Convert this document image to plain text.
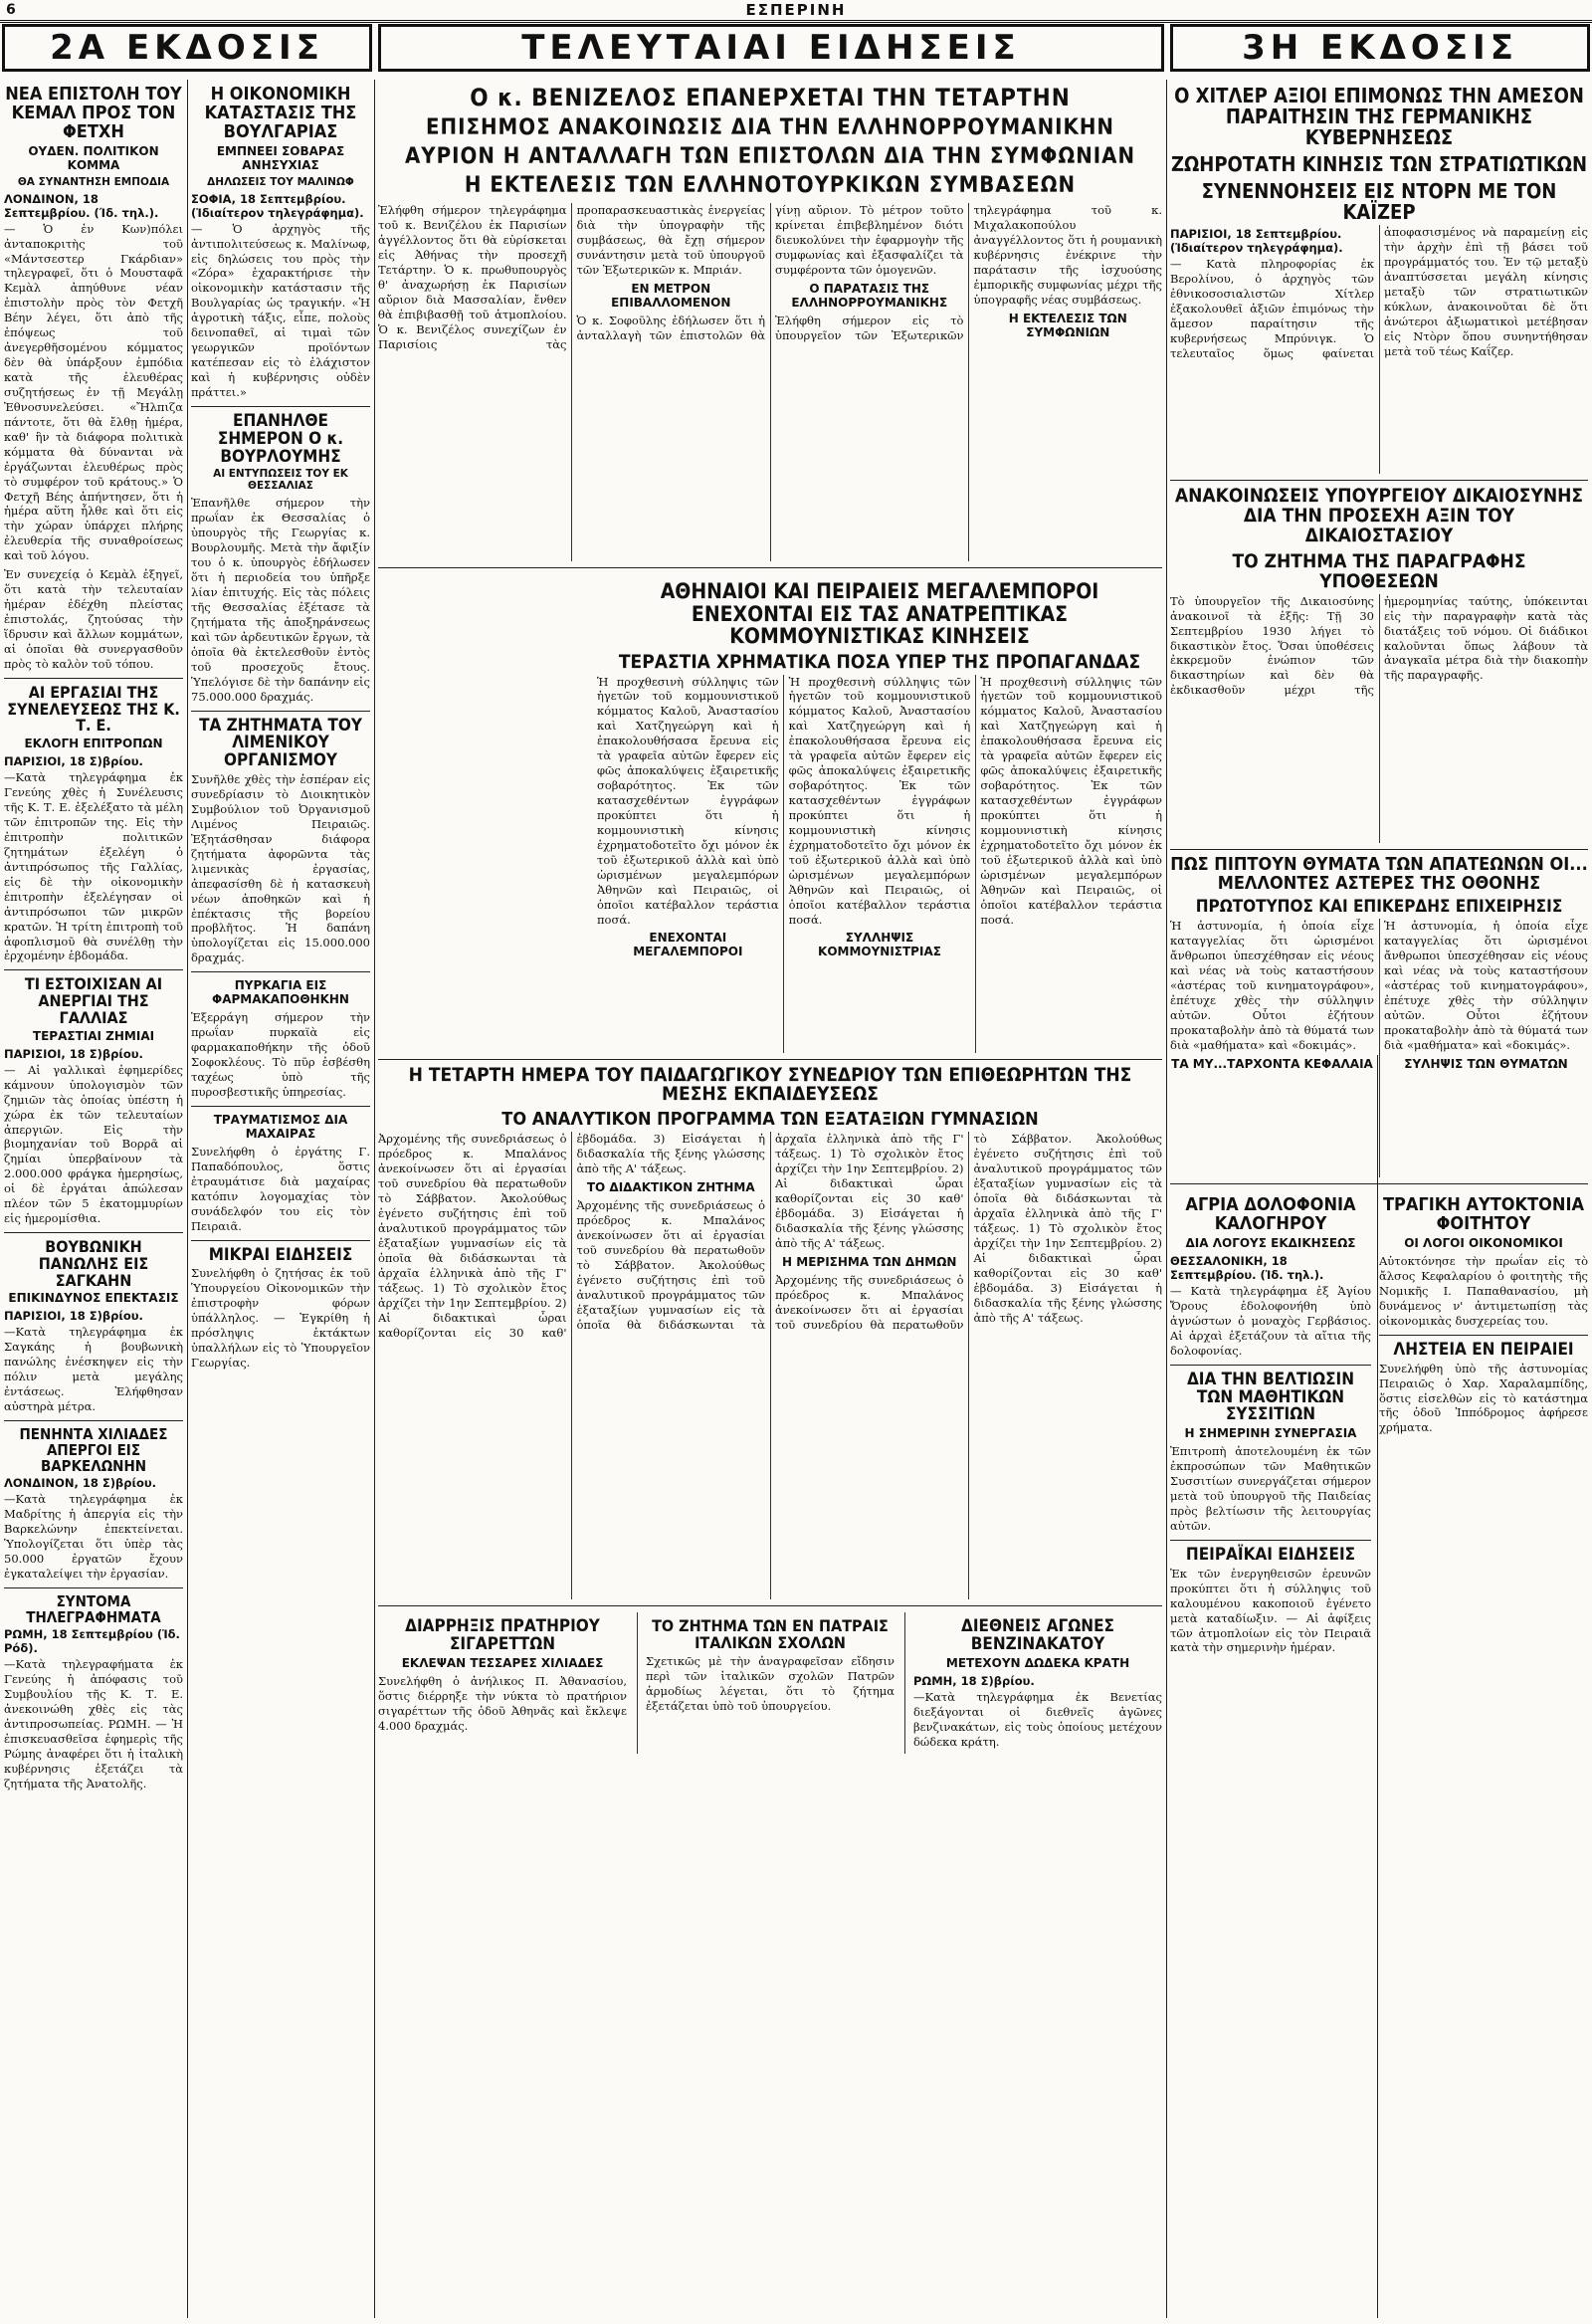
6	ΕΣΠΕΡΙΝΗ
2Α ΕΚΔΟΣΙΣ	ΤΕΛΕΥΤΑΙΑΙ ΕΙΔΗΣΕΙΣ	3Η ΕΚΔΟΣΙΣ
ΝΕΑ ΕΠΙΣΤΟΛΗ ΤΟΥ ΚΕΜΑΛ ΠΡΟΣ ΤΟΝ ΦΕΤΧΗ
ΟΥΔΕΝ. ΠΟΛΙΤΙΚΟΝ ΚΟΜΜΑ
ΘΑ ΣΥΝΑΝΤΗΣΗ ΕΜΠΟΔΙΑ
ΛΟΝΔΙΝΟΝ, 18 Σεπτεμβρίου. (Ίδ. τηλ.).

— Ὁ ἐν Κων)πόλει ἀνταποκριτὴς τοῦ «Μάντσεστερ Γκάρδιαν» τηλεγραφεῖ, ὅτι ὁ Μουσταφᾶ Κεμὰλ ἀπηύθυνε νέαν ἐπιστολὴν πρὸς τὸν Φετχῆ Βέην λέγει, ὅτι ἀπὸ τῆς ἐπόψεως τοῦ ἀνεγερθῆσομένου κόμματος δὲν θὰ ὑπάρξουν ἐμπόδια κατὰ τῆς ἐλευθέρας συζητήσεως ἐν τῇ Μεγάλῃ Ἐθνοσυνελεύσει. «Ἤλπιζα πάντοτε, ὅτι θὰ ἔλθῃ ἡμέρα, καθ' ἣν τὰ διάφορα πολιτικὰ κόμματα θὰ δύνανται νὰ ἐργάζωνται ἐλευθέρως πρὸς τὸ συμφέρον τοῦ κράτους.» Ὁ Φετχῆ Βέης ἀπήντησεν, ὅτι ἡ ἡμέρα αὕτη ἦλθε καὶ ὅτι εἰς τὴν χώραν ὑπάρχει πλήρης ἐλευθερία τῆς συναθροίσεως καὶ τοῦ λόγου.

Ἐν συνεχείᾳ ὁ Κεμὰλ ἐξηγεῖ, ὅτι κατὰ τὴν τελευταίαν ἡμέραν ἐδέχθη πλείστας ἐπιστολάς, ζητούσας τὴν ἵδρυσιν καὶ ἄλλων κομμάτων, αἱ ὁποῖαι θὰ συνεργασθοῦν πρὸς τὸ καλὸν τοῦ τόπου.

ΑΙ ΕΡΓΑΣΙΑΙ ΤΗΣ ΣΥΝΕΛΕΥΣΕΩΣ ΤΗΣ Κ. Τ. Ε.
ΕΚΛΟΓΗ ΕΠΙΤΡΟΠΩΝ
ΠΑΡΙΣΙΟΙ, 18 Σ)βρίου.

—Κατὰ τηλεγράφημα ἐκ Γενεύης χθὲς ἡ Συνέλευσις τῆς Κ. Τ. Ε. ἐξελέξατο τὰ μέλη τῶν ἐπιτροπῶν της. Εἰς τὴν ἐπιτροπὴν πολιτικῶν ζητημάτων ἐξελέγη ὁ ἀντιπρόσωπος τῆς Γαλλίας, εἰς δὲ τὴν οἰκονομικὴν ἐπιτροπὴν ἐξελέγησαν οἱ ἀντιπρόσωποι τῶν μικρῶν κρατῶν. Ἡ τρίτη ἐπιτροπὴ τοῦ ἀφοπλισμοῦ θὰ συνέλθῃ τὴν ἐρχομένην ἑβδομάδα.

ΤΙ ΕΣΤΟΙΧΙΣΑΝ ΑΙ ΑΝΕΡΓΙΑΙ ΤΗΣ ΓΑΛΛΙΑΣ
ΤΕΡΑΣΤΙΑΙ ΖΗΜΙΑΙ
ΠΑΡΙΣΙΟΙ, 18 Σ)βρίου.

— Αἱ γαλλικαὶ ἐφημερίδες κάμνουν ὑπολογισμὸν τῶν ζημιῶν τὰς ὁποίας ὑπέστη ἡ χώρα ἐκ τῶν τελευταίων ἀπεργιῶν. Εἰς τὴν βιομηχανίαν τοῦ Βορρᾶ αἱ ζημίαι ὑπερβαίνουν τὰ 2.000.000 φράγκα ἡμερησίως, οἱ δὲ ἐργάται ἀπώλεσαν πλέον τῶν 5 ἑκατομμυρίων εἰς ἡμερομίσθια.

ΒΟΥΒΩΝΙΚΗ ΠΑΝΩΛΗΣ ΕΙΣ ΣΑΓΚΑΗΝ
ΕΠΙΚΙΝΔΥΝΟΣ ΕΠΕΚΤΑΣΙΣ
ΠΑΡΙΣΙΟΙ, 18 Σ)βρίου.

—Κατὰ τηλεγράφημα ἐκ Σαγκάης ἡ βουβωνικὴ πανώλης ἐνέσκηψεν εἰς τὴν πόλιν μετὰ μεγάλης ἐντάσεως. Ἐλήφθησαν αὐστηρὰ μέτρα.

ΠΕΝΗΝΤΑ ΧΙΛΙΑΔΕΣ ΑΠΕΡΓΟΙ ΕΙΣ ΒΑΡΚΕΛΩΝΗΝ
ΛΟΝΔΙΝΟΝ, 18 Σ)βρίου.

—Κατὰ τηλεγράφημα ἐκ Μαδρίτης ἡ ἀπεργία εἰς τὴν Βαρκελώνην ἐπεκτείνεται. Ὑπολογίζεται ὅτι ὑπὲρ τὰς 50.000 ἐργατῶν ἔχουν ἐγκαταλείψει τὴν ἐργασίαν.

ΣΥΝΤΟΜΑ ΤΗΛΕΓΡΑΦΗΜΑΤΑ
ΡΩΜΗ, 18 Σεπτεμβρίου (Ἰδ. Ρόδ).

—Κατὰ τηλεγραφήματα ἐκ Γενεύης ἡ ἀπόφασις τοῦ Συμβουλίου τῆς Κ. Τ. Ε. ἀνεκοινώθη χθὲς εἰς τὰς ἀντιπροσωπείας. ΡΩΜΗ. — Ἡ ἐπισκευασθεῖσα ἐφημερὶς τῆς Ρώμης ἀναφέρει ὅτι ἡ ἰταλικὴ κυβέρνησις ἐξετάζει τὰ ζητήματα τῆς Ἀνατολῆς.

Η ΟΙΚΟΝΟΜΙΚΗ ΚΑΤΑΣΤΑΣΙΣ ΤΗΣ ΒΟΥΛΓΑΡΙΑΣ
ΕΜΠΝΕΕΙ ΣΟΒΑΡΑΣ ΑΝΗΣΥΧΙΑΣ
ΔΗΛΩΣΕΙΣ ΤΟΥ ΜΑΛΙΝΩΦ
ΣΟΦΙΑ, 18 Σεπτεμβρίου. (Ἰδιαίτερον τηλεγράφημα).

— Ὁ ἀρχηγὸς τῆς ἀντιπολιτεύσεως κ. Μαλίνωφ, εἰς δηλώσεις του πρὸς τὴν «Ζόρα» ἐχαρακτήρισε τὴν οἰκονομικὴν κατάστασιν τῆς Βουλγαρίας ὡς τραγικήν. «Ἡ ἀγροτικὴ τάξις, εἶπε, πολοὺς δεινοπαθεῖ, αἱ τιμαὶ τῶν γεωργικῶν προϊόντων κατέπεσαν εἰς τὸ ἐλάχιστον καὶ ἡ κυβέρνησις οὐδὲν πράττει.»

ΕΠΑΝΗΛΘΕ ΣΗΜΕΡΟΝ Ο κ. ΒΟΥΡΛΟΥΜΗΣ
ΑΙ ΕΝΤΥΠΩΣΕΙΣ ΤΟΥ ΕΚ ΘΕΣΣΑΛΙΑΣ

Ἐπανῆλθε σήμερον τὴν πρωΐαν ἐκ Θεσσαλίας ὁ ὑπουργὸς τῆς Γεωργίας κ. Βουρλουμῆς. Μετὰ τὴν ἄφιξίν του ὁ κ. ὑπουργὸς ἐδήλωσεν ὅτι ἡ περιοδεία του ὑπῆρξε λίαν ἐπιτυχής. Εἰς τὰς πόλεις τῆς Θεσσαλίας ἐξέτασε τὰ ζητήματα τῆς ἀποξηράνσεως καὶ τῶν ἀρδευτικῶν ἔργων, τὰ ὁποῖα θὰ ἐκτελεσθοῦν ἐντὸς τοῦ προσεχοῦς ἔτους. Ὑπελόγισε δὲ τὴν δαπάνην εἰς 75.000.000 δραχμάς.

ΤΑ ΖΗΤΗΜΑΤΑ ΤΟΥ ΛΙΜΕΝΙΚΟΥ ΟΡΓΑΝΙΣΜΟΥ

Συνῆλθε χθὲς τὴν ἑσπέραν εἰς συνεδρίασιν τὸ Διοικητικὸν Συμβούλιον τοῦ Ὀργανισμοῦ Λιμένος Πειραιῶς. Ἐξητάσθησαν διάφορα ζητήματα ἀφορῶντα τὰς λιμενικὰς ἐργασίας, ἀπεφασίσθη δὲ ἡ κατασκευὴ νέων ἀποθηκῶν καὶ ἡ ἐπέκτασις τῆς βορείου προβλῆτος. Ἡ δαπάνη ὑπολογίζεται εἰς 15.000.000 δραχμάς.

ΠΥΡΚΑΓΙΑ ΕΙΣ ΦΑΡΜΑΚΑΠΟΘΗΚΗΝ

Ἐξερράγη σήμερον τὴν πρωΐαν πυρκαϊὰ εἰς φαρμακαποθήκην τῆς ὁδοῦ Σοφοκλέους. Τὸ πῦρ ἐσβέσθη ταχέως ὑπὸ τῆς πυροσβεστικῆς ὑπηρεσίας.

ΤΡΑΥΜΑΤΙΣΜΟΣ ΔΙΑ ΜΑΧΑΙΡΑΣ

Συνελήφθη ὁ ἐργάτης Γ. Παπαδόπουλος, ὅστις ἐτραυμάτισε διὰ μαχαίρας κατόπιν λογομαχίας τὸν συνάδελφόν του εἰς τὸν Πειραιᾶ.

ΜΙΚΡΑΙ ΕΙΔΗΣΕΙΣ

Συνελήφθη ὁ ζητήσας ἐκ τοῦ Ὑπουργείου Οἰκονομικῶν τὴν ἐπιστροφὴν φόρων ὑπάλληλος. — Ἐγκρίθη ἡ πρόσληψις ἐκτάκτων ὑπαλλήλων εἰς τὸ Ὑπουργεῖον Γεωργίας.

Ο κ. ΒΕΝΙΖΕΛΟΣ ΕΠΑΝΕΡΧΕΤΑΙ ΤΗΝ ΤΕΤΑΡΤΗΝ
ΕΠΙΣΗΜΟΣ ΑΝΑΚΟΙΝΩΣΙΣ ΔΙΑ ΤΗΝ ΕΛΛΗΝΟΡΡΟΥΜΑΝΙΚΗΝ
ΑΥΡΙΟΝ Η ΑΝΤΑΛΛΑΓΗ ΤΩΝ ΕΠΙΣΤΟΛΩΝ ΔΙΑ ΤΗΝ ΣΥΜΦΩΝΙΑΝ
Η ΕΚΤΕΛΕΣΙΣ ΤΩΝ ΕΛΛΗΝΟΤΟΥΡΚΙΚΩΝ ΣΥΜΒΑΣΕΩΝ

Ἐλήφθη σήμερον τηλεγράφημα τοῦ κ. Βενιζέλου ἐκ Παρισίων ἀγγέλλοντος ὅτι θὰ εὑρίσκεται εἰς Ἀθήνας τὴν προσεχῆ Τετάρτην. Ὁ κ. πρωθυπουργὸς θ' ἀναχωρήσῃ ἐκ Παρισίων αὔριον διὰ Μασσαλίαν, ἔνθεν θὰ ἐπιβιβασθῇ τοῦ ἀτμοπλοίου. Ὁ κ. Βενιζέλος συνεχίζων ἐν Παρισίοις τὰς προπαρασκευαστικὰς ἐνεργείας διὰ τὴν ὑπογραφὴν τῆς συμβάσεως, θὰ ἔχῃ σήμερον συνάντησιν μετὰ τοῦ ὑπουργοῦ τῶν Ἐξωτερικῶν κ. Μπριάν.

ΕΝ ΜΕΤΡΟΝ ΕΠΙΒΑΛΛΟΜΕΝΟΝ

Ὁ κ. Σοφοῦλης ἐδήλωσεν ὅτι ἡ ἀνταλλαγὴ τῶν ἐπιστολῶν θὰ γίνῃ αὔριον. Τὸ μέτρον τοῦτο κρίνεται ἐπιβεβλημένον διότι διευκολύνει τὴν ἐφαρμογὴν τῆς συμφωνίας καὶ ἐξασφαλίζει τὰ συμφέροντα τῶν ὁμογενῶν.

Ο ΠΑΡΑΤΑΣΙΣ ΤΗΣ ΕΛΛΗΝΟΡΡΟΥΜΑΝΙΚΗΣ

Ἐλήφθη σήμερον εἰς τὸ ὑπουργεῖον τῶν Ἐξωτερικῶν τηλεγράφημα τοῦ κ. Μιχαλακοπούλου ἀναγγέλλοντος ὅτι ἡ ρουμανικὴ κυβέρνησις ἐνέκρινε τὴν παράτασιν τῆς ἰσχυούσης ἐμπορικῆς συμφωνίας μέχρι τῆς ὑπογραφῆς νέας συμβάσεως.

Η ΕΚΤΕΛΕΣΙΣ ΤΩΝ ΣΥΜΦΩΝΙΩΝ
ΑΘΗΝΑΙΟΙ ΚΑΙ ΠΕΙΡΑΙΕΙΣ ΜΕΓΑΛΕΜΠΟΡΟΙ ΕΝΕΧΟΝΤΑΙ ΕΙΣ ΤΑΣ ΑΝΑΤΡΕΠΤΙΚΑΣ ΚΟΜΜΟΥΝΙΣΤΙΚΑΣ ΚΙΝΗΣΕΙΣ
ΤΕΡΑΣΤΙΑ ΧΡΗΜΑΤΙΚΑ ΠΟΣΑ ΥΠΕΡ ΤΗΣ ΠΡΟΠΑΓΑΝΔΑΣ

Ἡ προχθεσινὴ σύλληψις τῶν ἡγετῶν τοῦ κομμουνιστικοῦ κόμματος Καλοῦ, Ἀναστασίου καὶ Χατζηγεώργη καὶ ἡ ἐπακολουθήσασα ἔρευνα εἰς τὰ γραφεῖα αὐτῶν ἔφερεν εἰς φῶς ἀποκαλύψεις ἐξαιρετικῆς σοβαρότητος. Ἐκ τῶν κατασχεθέντων ἐγγράφων προκύπτει ὅτι ἡ κομμουνιστικὴ κίνησις ἐχρηματοδοτεῖτο ὄχι μόνον ἐκ τοῦ ἐξωτερικοῦ ἀλλὰ καὶ ὑπὸ ὡρισμένων μεγαλεμπόρων Ἀθηνῶν καὶ Πειραιῶς, οἱ ὁποῖοι κατέβαλλον τεράστια ποσά.

ΕΝΕΧΟΝΤΑΙ ΜΕΓΑΛΕΜΠΟΡΟΙ

Ἡ προχθεσινὴ σύλληψις τῶν ἡγετῶν τοῦ κομμουνιστικοῦ κόμματος Καλοῦ, Ἀναστασίου καὶ Χατζηγεώργη καὶ ἡ ἐπακολουθήσασα ἔρευνα εἰς τὰ γραφεῖα αὐτῶν ἔφερεν εἰς φῶς ἀποκαλύψεις ἐξαιρετικῆς σοβαρότητος. Ἐκ τῶν κατασχεθέντων ἐγγράφων προκύπτει ὅτι ἡ κομμουνιστικὴ κίνησις ἐχρηματοδοτεῖτο ὄχι μόνον ἐκ τοῦ ἐξωτερικοῦ ἀλλὰ καὶ ὑπὸ ὡρισμένων μεγαλεμπόρων Ἀθηνῶν καὶ Πειραιῶς, οἱ ὁποῖοι κατέβαλλον τεράστια ποσά.

ΣΥΛΛΗΨΙΣ ΚΟΜΜΟΥΝΙΣΤΡΙΑΣ

Ἡ προχθεσινὴ σύλληψις τῶν ἡγετῶν τοῦ κομμουνιστικοῦ κόμματος Καλοῦ, Ἀναστασίου καὶ Χατζηγεώργη καὶ ἡ ἐπακολουθήσασα ἔρευνα εἰς τὰ γραφεῖα αὐτῶν ἔφερεν εἰς φῶς ἀποκαλύψεις ἐξαιρετικῆς σοβαρότητος. Ἐκ τῶν κατασχεθέντων ἐγγράφων προκύπτει ὅτι ἡ κομμουνιστικὴ κίνησις ἐχρηματοδοτεῖτο ὄχι μόνον ἐκ τοῦ ἐξωτερικοῦ ἀλλὰ καὶ ὑπὸ ὡρισμένων μεγαλεμπόρων Ἀθηνῶν καὶ Πειραιῶς, οἱ ὁποῖοι κατέβαλλον τεράστια ποσά.

Η ΤΕΤΑΡΤΗ ΗΜΕΡΑ ΤΟΥ ΠΑΙΔΑΓΩΓΙΚΟΥ ΣΥΝΕΔΡΙΟΥ ΤΩΝ ΕΠΙΘΕΩΡΗΤΩΝ ΤΗΣ ΜΕΣΗΣ ΕΚΠΑΙΔΕΥΣΕΩΣ
ΤΟ ΑΝΑΛΥΤΙΚΟΝ ΠΡΟΓΡΑΜΜΑ ΤΩΝ ΕΞΑΤΑΞΙΩΝ ΓΥΜΝΑΣΙΩΝ

Ἀρχομένης τῆς συνεδριάσεως ὁ πρόεδρος κ. Μπαλάνος ἀνεκοίνωσεν ὅτι αἱ ἐργασίαι τοῦ συνεδρίου θὰ περατωθοῦν τὸ Σάββατον. Ἀκολούθως ἐγένετο συζήτησις ἐπὶ τοῦ ἀναλυτικοῦ προγράμματος τῶν ἑξαταξίων γυμνασίων εἰς τὰ ὁποῖα θὰ διδάσκωνται τὰ ἀρχαῖα ἑλληνικὰ ἀπὸ τῆς Γ' τάξεως. 1) Τὸ σχολικὸν ἔτος ἀρχίζει τὴν 1ην Σεπτεμβρίου. 2) Αἱ διδακτικαὶ ὧραι καθορίζονται εἰς 30 καθ' ἑβδομάδα. 3) Εἰσάγεται ἡ διδασκαλία τῆς ξένης γλώσσης ἀπὸ τῆς Α' τάξεως.

ΤΟ ΔΙΔΑΚΤΙΚΟΝ ΖΗΤΗΜΑ

Ἀρχομένης τῆς συνεδριάσεως ὁ πρόεδρος κ. Μπαλάνος ἀνεκοίνωσεν ὅτι αἱ ἐργασίαι τοῦ συνεδρίου θὰ περατωθοῦν τὸ Σάββατον. Ἀκολούθως ἐγένετο συζήτησις ἐπὶ τοῦ ἀναλυτικοῦ προγράμματος τῶν ἑξαταξίων γυμνασίων εἰς τὰ ὁποῖα θὰ διδάσκωνται τὰ ἀρχαῖα ἑλληνικὰ ἀπὸ τῆς Γ' τάξεως. 1) Τὸ σχολικὸν ἔτος ἀρχίζει τὴν 1ην Σεπτεμβρίου. 2) Αἱ διδακτικαὶ ὧραι καθορίζονται εἰς 30 καθ' ἑβδομάδα. 3) Εἰσάγεται ἡ διδασκαλία τῆς ξένης γλώσσης ἀπὸ τῆς Α' τάξεως.

Η ΜΕΡΙΣΗΜΑ ΤΩΝ ΔΗΜΩΝ

Ἀρχομένης τῆς συνεδριάσεως ὁ πρόεδρος κ. Μπαλάνος ἀνεκοίνωσεν ὅτι αἱ ἐργασίαι τοῦ συνεδρίου θὰ περατωθοῦν τὸ Σάββατον. Ἀκολούθως ἐγένετο συζήτησις ἐπὶ τοῦ ἀναλυτικοῦ προγράμματος τῶν ἑξαταξίων γυμνασίων εἰς τὰ ὁποῖα θὰ διδάσκωνται τὰ ἀρχαῖα ἑλληνικὰ ἀπὸ τῆς Γ' τάξεως. 1) Τὸ σχολικὸν ἔτος ἀρχίζει τὴν 1ην Σεπτεμβρίου. 2) Αἱ διδακτικαὶ ὧραι καθορίζονται εἰς 30 καθ' ἑβδομάδα. 3) Εἰσάγεται ἡ διδασκαλία τῆς ξένης γλώσσης ἀπὸ τῆς Α' τάξεως.

ΔΙΑΡΡΗΞΙΣ ΠΡΑΤΗΡΙΟΥ ΣΙΓΑΡΕΤΤΩΝ
ΕΚΛΕΨΑΝ ΤΕΣΣΑΡΕΣ ΧΙΛΙΑΔΕΣ

Συνελήφθη ὁ ἀνήλικος Π. Ἀθανασίου, ὅστις διέρρηξε τὴν νύκτα τὸ πρατήριον σιγαρέττων τῆς ὁδοῦ Ἀθηνᾶς καὶ ἔκλεψε 4.000 δραχμάς.

ΤΟ ΖΗΤΗΜΑ ΤΩΝ ΕΝ ΠΑΤΡΑΙΣ ΙΤΑΛΙΚΩΝ ΣΧΟΛΩΝ

Σχετικῶς μὲ τὴν ἀναγραφεῖσαν εἴδησιν περὶ τῶν ἰταλικῶν σχολῶν Πατρῶν ἀρμοδίως λέγεται, ὅτι τὸ ζήτημα ἐξετάζεται ὑπὸ τοῦ ὑπουργείου.

ΔΙΕΘΝΕΙΣ ΑΓΩΝΕΣ ΒΕΝΖΙΝΑΚΑΤΟΥ
ΜΕΤΕΧΟΥΝ ΔΩΔΕΚΑ ΚΡΑΤΗ
ΡΩΜΗ, 18 Σ)βρίου.

—Κατὰ τηλεγράφημα ἐκ Βενετίας διεξάγονται οἱ διεθνεῖς ἀγῶνες βενζινακάτων, εἰς τοὺς ὁποίους μετέχουν δώδεκα κράτη.

Ο ΧΙΤΛΕΡ ΑΞΙΟΙ ΕΠΙΜΟΝΩΣ ΤΗΝ ΑΜΕΣΟΝ ΠΑΡΑΙΤΗΣΙΝ ΤΗΣ ΓΕΡΜΑΝΙΚΗΣ ΚΥΒΕΡΝΗΣΕΩΣ
ΖΩΗΡΟΤΑΤΗ ΚΙΝΗΣΙΣ ΤΩΝ ΣΤΡΑΤΙΩΤΙΚΩΝ
ΣΥΝΕΝΝΟΗΣΕΙΣ ΕΙΣ ΝΤΟΡΝ ΜΕ ΤΟΝ ΚΑΪΖΕΡ
ΠΑΡΙΣΙΟΙ, 18 Σεπτεμβρίου. (Ἰδιαίτερον τηλεγράφημα).

— Κατὰ πληροφορίας ἐκ Βερολίνου, ὁ ἀρχηγὸς τῶν ἐθνικοσοσιαλιστῶν Χίτλερ ἐξακολουθεῖ ἀξιῶν ἐπιμόνως τὴν ἄμεσον παραίτησιν τῆς κυβερνήσεως Μπρύνιγκ. Ὁ τελευταῖος ὅμως φαίνεται ἀποφασισμένος νὰ παραμείνῃ εἰς τὴν ἀρχὴν ἐπὶ τῇ βάσει τοῦ προγράμματός του. Ἐν τῷ μεταξὺ ἀναπτύσσεται μεγάλη κίνησις μεταξὺ τῶν στρατιωτικῶν κύκλων, ἀνακοινοῦται δὲ ὅτι ἀνώτεροι ἀξιωματικοὶ μετέβησαν εἰς Ντὸρν ὅπου συνηντήθησαν μετὰ τοῦ τέως Καΐζερ.

ΑΝΑΚΟΙΝΩΣΕΙΣ ΥΠΟΥΡΓΕΙΟΥ ΔΙΚΑΙΟΣΥΝΗΣ ΔΙΑ ΤΗΝ ΠΡΟΣΕΧΗ ΑΞΙΝ ΤΟΥ ΔΙΚΑΙΟΣΤΑΣΙΟΥ
ΤΟ ΖΗΤΗΜΑ ΤΗΣ ΠΑΡΑΓΡΑΦΗΣ ΥΠΟΘΕΣΕΩΝ

Τὸ ὑπουργεῖον τῆς Δικαιοσύνης ἀνακοινοῖ τὰ ἑξῆς: Τῇ 30 Σεπτεμβρίου 1930 λήγει τὸ δικαστικὸν ἔτος. Ὅσαι ὑποθέσεις ἐκκρεμοῦν ἐνώπιον τῶν δικαστηρίων καὶ δὲν θὰ ἐκδικασθοῦν μέχρι τῆς ἡμερομηνίας ταύτης, ὑπόκεινται εἰς τὴν παραγραφὴν κατὰ τὰς διατάξεις τοῦ νόμου. Οἱ διάδικοι καλοῦνται ὅπως λάβουν τὰ ἀναγκαῖα μέτρα διὰ τὴν διακοπὴν τῆς παραγραφῆς.

ΠΩΣ ΠΙΠΤΟΥΝ ΘΥΜΑΤΑ ΤΩΝ ΑΠΑΤΕΩΝΩΝ ΟΙ... ΜΕΛΛΟΝΤΕΣ ΑΣΤΕΡΕΣ ΤΗΣ ΟΘΟΝΗΣ
ΠΡΩΤΟΤΥΠΟΣ ΚΑΙ ΕΠΙΚΕΡΔΗΣ ΕΠΙΧΕΙΡΗΣΙΣ

Ἡ ἀστυνομία, ἡ ὁποία εἶχε καταγγελίας ὅτι ὡρισμένοι ἄνθρωποι ὑπεσχέθησαν εἰς νέους καὶ νέας νὰ τοὺς καταστήσουν «ἀστέρας τοῦ κινηματογράφου», ἐπέτυχε χθὲς τὴν σύλληψιν αὐτῶν. Οὗτοι ἐζήτουν προκαταβολὴν ἀπὸ τὰ θύματά των διὰ «μαθήματα» καὶ «δοκιμάς».

ΤΑ ΜΥ...ΤΑΡΧΟΝΤΑ ΚΕΦΑΛΑΙΑ

Ἡ ἀστυνομία, ἡ ὁποία εἶχε καταγγελίας ὅτι ὡρισμένοι ἄνθρωποι ὑπεσχέθησαν εἰς νέους καὶ νέας νὰ τοὺς καταστήσουν «ἀστέρας τοῦ κινηματογράφου», ἐπέτυχε χθὲς τὴν σύλληψιν αὐτῶν. Οὗτοι ἐζήτουν προκαταβολὴν ἀπὸ τὰ θύματά των διὰ «μαθήματα» καὶ «δοκιμάς».

ΣΥΛΗΨΙΣ ΤΩΝ ΘΥΜΑΤΩΝ
ΑΓΡΙΑ ΔΟΛΟΦΟΝΙΑ ΚΑΛΟΓΗΡΟΥ
ΔΙΑ ΛΟΓΟΥΣ ΕΚΔΙΚΗΣΕΩΣ
ΘΕΣΣΑΛΟΝΙΚΗ, 18 Σεπτεμβρίου. (Ἰδ. τηλ.).

— Κατὰ τηλεγράφημα ἐξ Ἁγίου Ὄρους ἐδολοφονήθη ὑπὸ ἀγνώστων ὁ μοναχὸς Γερβάσιος. Αἱ ἀρχαὶ ἐξετάζουν τὰ αἴτια τῆς δολοφονίας.

ΔΙΑ ΤΗΝ ΒΕΛΤΙΩΣΙΝ ΤΩΝ ΜΑΘΗΤΙΚΩΝ ΣΥΣΣΙΤΙΩΝ
Η ΣΗΜΕΡΙΝΗ ΣΥΝΕΡΓΑΣΙΑ

Ἐπιτροπὴ ἀποτελουμένη ἐκ τῶν ἐκπροσώπων τῶν Μαθητικῶν Συσσιτίων συνεργάζεται σήμερον μετὰ τοῦ ὑπουργοῦ τῆς Παιδείας πρὸς βελτίωσιν τῆς λειτουργίας αὐτῶν.

ΠΕΙΡΑΪΚΑΙ ΕΙΔΗΣΕΙΣ

Ἐκ τῶν ἐνεργηθεισῶν ἐρευνῶν προκύπτει ὅτι ἡ σύλληψις τοῦ καλουμένου κακοποιοῦ ἐγένετο μετὰ καταδίωξιν. — Αἱ ἀφίξεις τῶν ἀτμοπλοίων εἰς τὸν Πειραιᾶ κατὰ τὴν σημερινὴν ἡμέραν.

ΤΡΑΓΙΚΗ ΑΥΤΟΚΤΟΝΙΑ ΦΟΙΤΗΤΟΥ
ΟΙ ΛΟΓΟΙ ΟΙΚΟΝΟΜΙΚΟΙ

Αὐτοκτόνησε τὴν πρωΐαν εἰς τὸ ἄλσος Κεφαλαρίου ὁ φοιτητὴς τῆς Νομικῆς Ι. Παπαθανασίου, μὴ δυνάμενος ν' ἀντιμετωπίσῃ τὰς οἰκονομικὰς δυσχερείας του.

ΛΗΣΤΕΙΑ ΕΝ ΠΕΙΡΑΙΕΙ

Συνελήφθη ὑπὸ τῆς ἀστυνομίας Πειραιῶς ὁ Χαρ. Χαραλαμπίδης, ὅστις εἰσελθὼν εἰς τὸ κατάστημα τῆς ὁδοῦ Ἰππόδρομος ἀφήρεσε χρήματα.
